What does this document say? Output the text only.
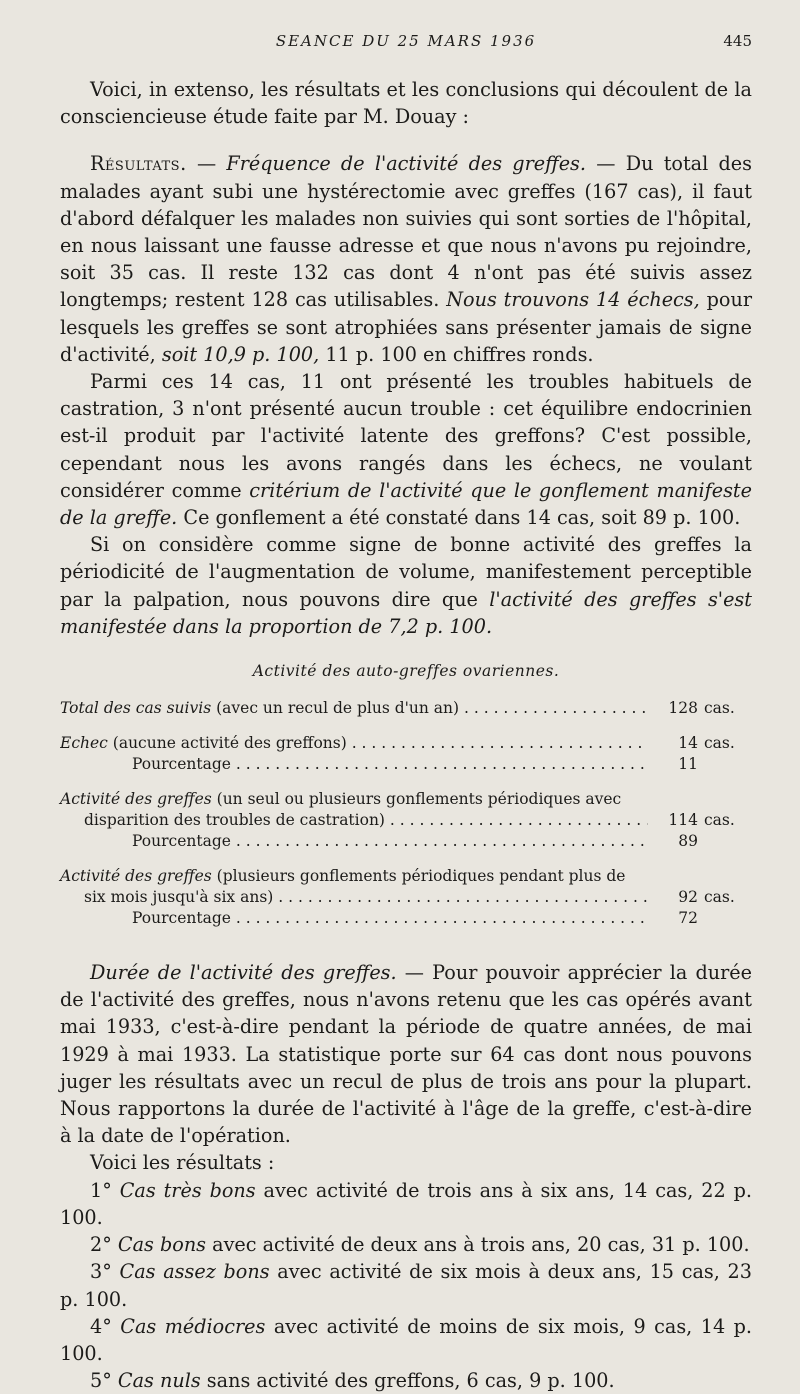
SEANCE DU 25 MARS 1936	445

Voici, in extenso, les résultats et les conclusions qui découlent de la consciencieuse étude faite par M. Douay :

Résultats. — Fréquence de l'activité des greffes. — Du total des malades ayant subi une hystérectomie avec greffes (167 cas), il faut d'abord défalquer les malades non suivies qui sont sorties de l'hôpital, en nous laissant une fausse adresse et que nous n'avons pu rejoindre, soit 35 cas. Il reste 132 cas dont 4 n'ont pas été suivis assez longtemps; restent 128 cas utilisables. Nous trouvons 14 échecs, pour lesquels les greffes se sont atrophiées sans présenter jamais de signe d'activité, soit 10,9 p. 100, 11 p. 100 en chiffres ronds.

Parmi ces 14 cas, 11 ont présenté les troubles habituels de castration, 3 n'ont présenté aucun trouble : cet équilibre endocrinien est-il produit par l'activité latente des greffons? C'est possible, cependant nous les avons rangés dans les échecs, ne voulant considérer comme critérium de l'activité que le gonflement manifeste de la greffe. Ce gonflement a été constaté dans 14 cas, soit 89 p. 100.

Si on considère comme signe de bonne activité des greffes la périodicité de l'augmentation de volume, manifestement perceptible par la palpation, nous pouvons dire que l'activité des greffes s'est manifestée dans la proportion de 7,2 p. 100.

Activité des auto-greffes ovariennes.
Total des cas suivis (avec un recul de plus d'un an) . . .	128 cas.
Echec (aucune activité des greffons) . . .	14 cas.
Pourcentage . . .	11
Activité des greffes (un seul ou plusieurs gonflements périodiques avec
disparition des troubles de castration) . . .	114 cas.
Pourcentage . . .	89
Activité des greffes (plusieurs gonflements périodiques pendant plus de
six mois jusqu'à six ans) . . .	92 cas.
Pourcentage . . .	72

Durée de l'activité des greffes. — Pour pouvoir apprécier la durée de l'activité des greffes, nous n'avons retenu que les cas opérés avant mai 1933, c'est-à-dire pendant la période de quatre années, de mai 1929 à mai 1933. La statistique porte sur 64 cas dont nous pouvons juger les résultats avec un recul de plus de trois ans pour la plupart. Nous rapportons la durée de l'activité à l'âge de la greffe, c'est-à-dire à la date de l'opération.

Voici les résultats :

1° Cas très bons avec activité de trois ans à six ans, 14 cas, 22 p. 100.

2° Cas bons avec activité de deux ans à trois ans, 20 cas, 31 p. 100.

3° Cas assez bons avec activité de six mois à deux ans, 15 cas, 23 p. 100.

4° Cas médiocres avec activité de moins de six mois, 9 cas, 14 p. 100.

5° Cas nuls sans activité des greffons, 6 cas, 9 p. 100.
